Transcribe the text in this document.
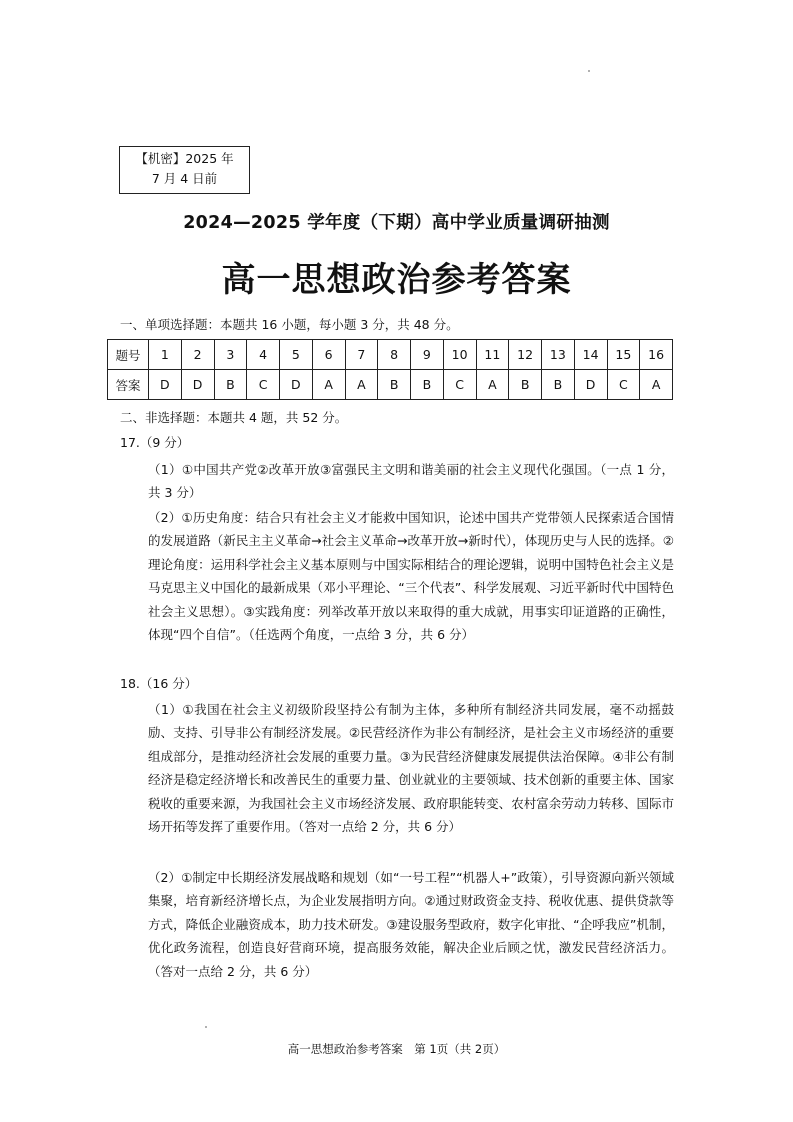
【机密】2025 年
7 月 4 日前
2024—2025 学年度（下期）高中学业质量调研抽测
高一思想政治参考答案
一、单项选择题：本题共 16 小题，每小题 3 分，共 48 分。
题号	1	2	3	4	5	6	7	8	9	10	11	12	13	14	15	16
答案	D	D	B	C	D	A	A	B	B	C	A	B	B	D	C	A
二、非选择题：本题共 4 题，共 52 分。
17.（9 分）
（1）①中国共产党②改革开放③富强民主文明和谐美丽的社会主义现代化强国。（一点 1 分，共 3 分）
（2）①历史角度：结合只有社会主义才能救中国知识，论述中国共产党带领人民探索适合国情的发展道路（新民主主义革命→社会主义革命→改革开放→新时代），体现历史与人民的选择。②理论角度：运用科学社会主义基本原则与中国实际相结合的理论逻辑，说明中国特色社会主义是马克思主义中国化的最新成果（邓小平理论、“三个代表”、科学发展观、习近平新时代中国特色社会主义思想）。③实践角度：列举改革开放以来取得的重大成就，用事实印证道路的正确性，体现“四个自信”。（任选两个角度，一点给 3 分，共 6 分）
18.（16 分）
（1）①我国在社会主义初级阶段坚持公有制为主体，多种所有制经济共同发展，毫不动摇鼓励、支持、引导非公有制经济发展。②民营经济作为非公有制经济，是社会主义市场经济的重要组成部分，是推动经济社会发展的重要力量。③为民营经济健康发展提供法治保障。④非公有制经济是稳定经济增长和改善民生的重要力量、创业就业的主要领域、技术创新的重要主体、国家税收的重要来源，为我国社会主义市场经济发展、政府职能转变、农村富余劳动力转移、国际市场开拓等发挥了重要作用。（答对一点给 2 分，共 6 分）
（2）①制定中长期经济发展战略和规划（如“一号工程”“机器人+”政策），引导资源向新兴领域集聚，培育新经济增长点，为企业发展指明方向。②通过财政资金支持、税收优惠、提供贷款等方式，降低企业融资成本，助力技术研发。③建设服务型政府，数字化审批、“企呼我应”机制，优化政务流程，创造良好营商环境，提高服务效能，解决企业后顾之忧，激发民营经济活力。（答对一点给 2 分，共 6 分）
高一思想政治参考答案　第 1页（共 2页）
